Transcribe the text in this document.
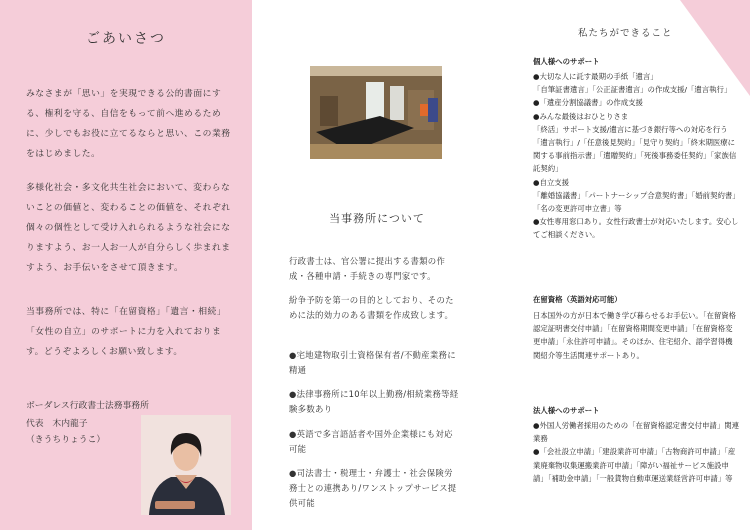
ごあいさつ

みなさまが「思い」を実現できる公的書面にする、権利を守る、自信をもって前へ進めるために、少しでもお役に立てるならと思い、この業務をはじめました。

多様化社会・多文化共生社会において、変わらないことの価値と、変わることの価値を、それぞれ個々の個性として受け入れられるような社会になりますよう、お一人お一人が自分らしく歩まれますよう、お手伝いをさせて頂きます。

当事務所では、特に「在留資格」「遺言・相続」「女性の自立」のサポートに力を入れております。どうぞよろしくお願い致します。

ボーダレス行政書士法務事務所

代表　木内龍子

（きうちりょうこ）

当事務所について

行政書士は、官公署に提出する書類の作成・各種申請・手続きの専門家です。

紛争予防を第一の目的としており、そのために法的効力のある書類を作成致します。

●宅地建物取引士資格保有者/不動産業務に精通

●法律事務所に10年以上勤務/相続業務等経験多数あり

●英語で多言語話者や国外企業様にも対応可能

●司法書士・税理士・弁護士・社会保険労務士との連携あり/ワンストップサービス提供可能

私たちができること

個人様へのサポート

●大切な人に託す最期の手紙「遺言」
「自筆証書遺言」「公正証書遺言」の作成支援/「遺言執行」
●「遺産分割協議書」の作成支援
●みんな最後はおひとりさま
「終活」サポート支援/遺言に基づき銀行等への対応を行う「遺言執行」/「任意後見契約」「見守り契約」「終末期医療に関する事前指示書」「遺贈契約」「死後事務委任契約」「家族信託契約」
●自立支援
「離婚協議書」「パートナーシップ合意契約書」「婚前契約書」「名の変更許可申立書」等
●女性専用窓口あり。女性行政書士が対応いたします。安心してご相談ください。

在留資格（英語対応可能）

日本国外の方が日本で働き学び暮らせるお手伝い。「在留資格認定証明書交付申請」「在留資格期間変更申請」「在留資格変更申請」「永住許可申請」。そのほか、住宅紹介、語学習得機関紹介等生活関連サポートあり。

法人様へのサポート

●外国人労働者採用のための「在留資格認定書交付申請」関連業務
●「会社設立申請」「建設業許可申請」「古物商許可申請」「産業廃棄物収集運搬業許可申請」「障がい福祉サービス施設申請」「補助金申請」「一般貨物自動車運送業経営許可申請」等
